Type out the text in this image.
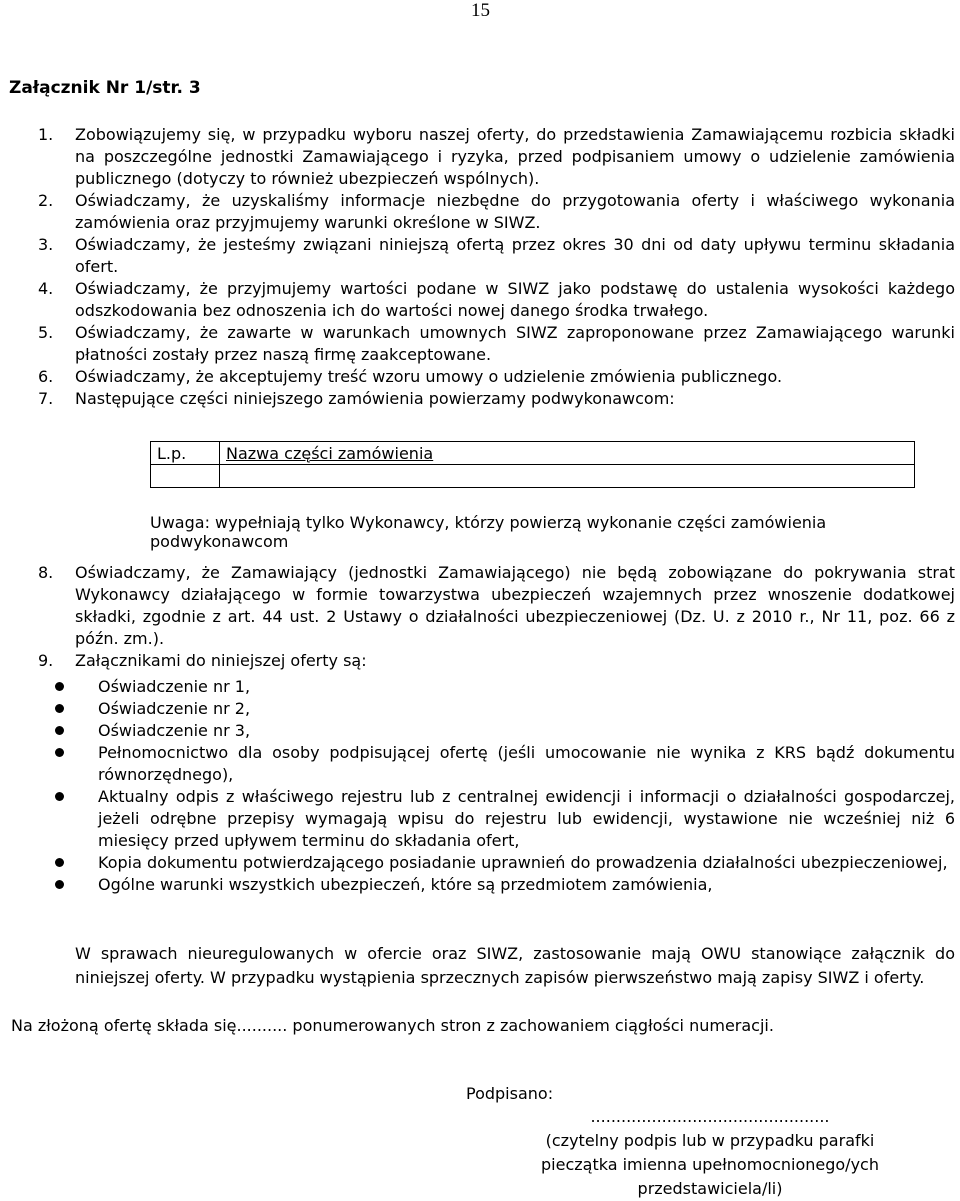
15
Załącznik Nr 1/str. 3
1. Zobowiązujemy się, w przypadku wyboru naszej oferty, do przedstawienia Zamawiającemu rozbicia składki na poszczególne jednostki Zamawiającego i ryzyka, przed podpisaniem umowy o udzielenie zamówienia publicznego (dotyczy to również ubezpieczeń wspólnych).
2. Oświadczamy, że uzyskaliśmy informacje niezbędne do przygotowania oferty i właściwego wykonania zamówienia oraz przyjmujemy warunki określone w SIWZ.
3. Oświadczamy, że jesteśmy związani niniejszą ofertą przez okres 30 dni od daty upływu terminu składania ofert.
4. Oświadczamy, że przyjmujemy wartości podane w SIWZ jako podstawę do ustalenia wysokości każdego odszkodowania bez odnoszenia ich do wartości nowej danego środka trwałego.
5. Oświadczamy, że zawarte w warunkach umownych SIWZ zaproponowane przez Zamawiającego warunki płatności zostały przez naszą firmę zaakceptowane.
6. Oświadczamy, że akceptujemy treść wzoru umowy o udzielenie zmówienia publicznego.
7. Następujące części niniejszego zamówienia powierzamy podwykonawcom:
L.p.	Nazwa części zamówienia

Uwaga: wypełniają tylko Wykonawcy, którzy powierzą wykonanie części zamówienia podwykonawcom
8. Oświadczamy, że Zamawiający (jednostki Zamawiającego) nie będą zobowiązane do pokrywania strat Wykonawcy działającego w formie towarzystwa ubezpieczeń wzajemnych przez wnoszenie dodatkowej składki, zgodnie z art. 44 ust. 2 Ustawy o działalności ubezpieczeniowej (Dz. U. z 2010 r., Nr 11, poz. 66 z późn. zm.).
9. Załącznikami do niniejszej oferty są:
Oświadczenie nr 1,
Oświadczenie nr 2,
Oświadczenie nr 3,
Pełnomocnictwo dla osoby podpisującej ofertę (jeśli umocowanie nie wynika z KRS bądź dokumentu równorzędnego),
Aktualny odpis z właściwego rejestru lub z centralnej ewidencji i informacji o działalności gospodarczej, jeżeli odrębne przepisy wymagają wpisu do rejestru lub ewidencji, wystawione nie wcześniej niż 6 miesięcy przed upływem terminu do składania ofert,
Kopia dokumentu potwierdzającego posiadanie uprawnień do prowadzenia działalności ubezpieczeniowej,
Ogólne warunki wszystkich ubezpieczeń, które są przedmiotem zamówienia,
W sprawach nieuregulowanych w ofercie oraz SIWZ, zastosowanie mają OWU stanowiące załącznik do niniejszej oferty. W przypadku wystąpienia sprzecznych zapisów pierwszeństwo mają zapisy SIWZ i oferty.
Na złożoną ofertę składa się.......... ponumerowanych stron z zachowaniem ciągłości numeracji.
Podpisano:
...............................................
(czytelny podpis lub w przypadku parafki pieczątka imienna upełnomocnionego/ych przedstawiciela/li)
